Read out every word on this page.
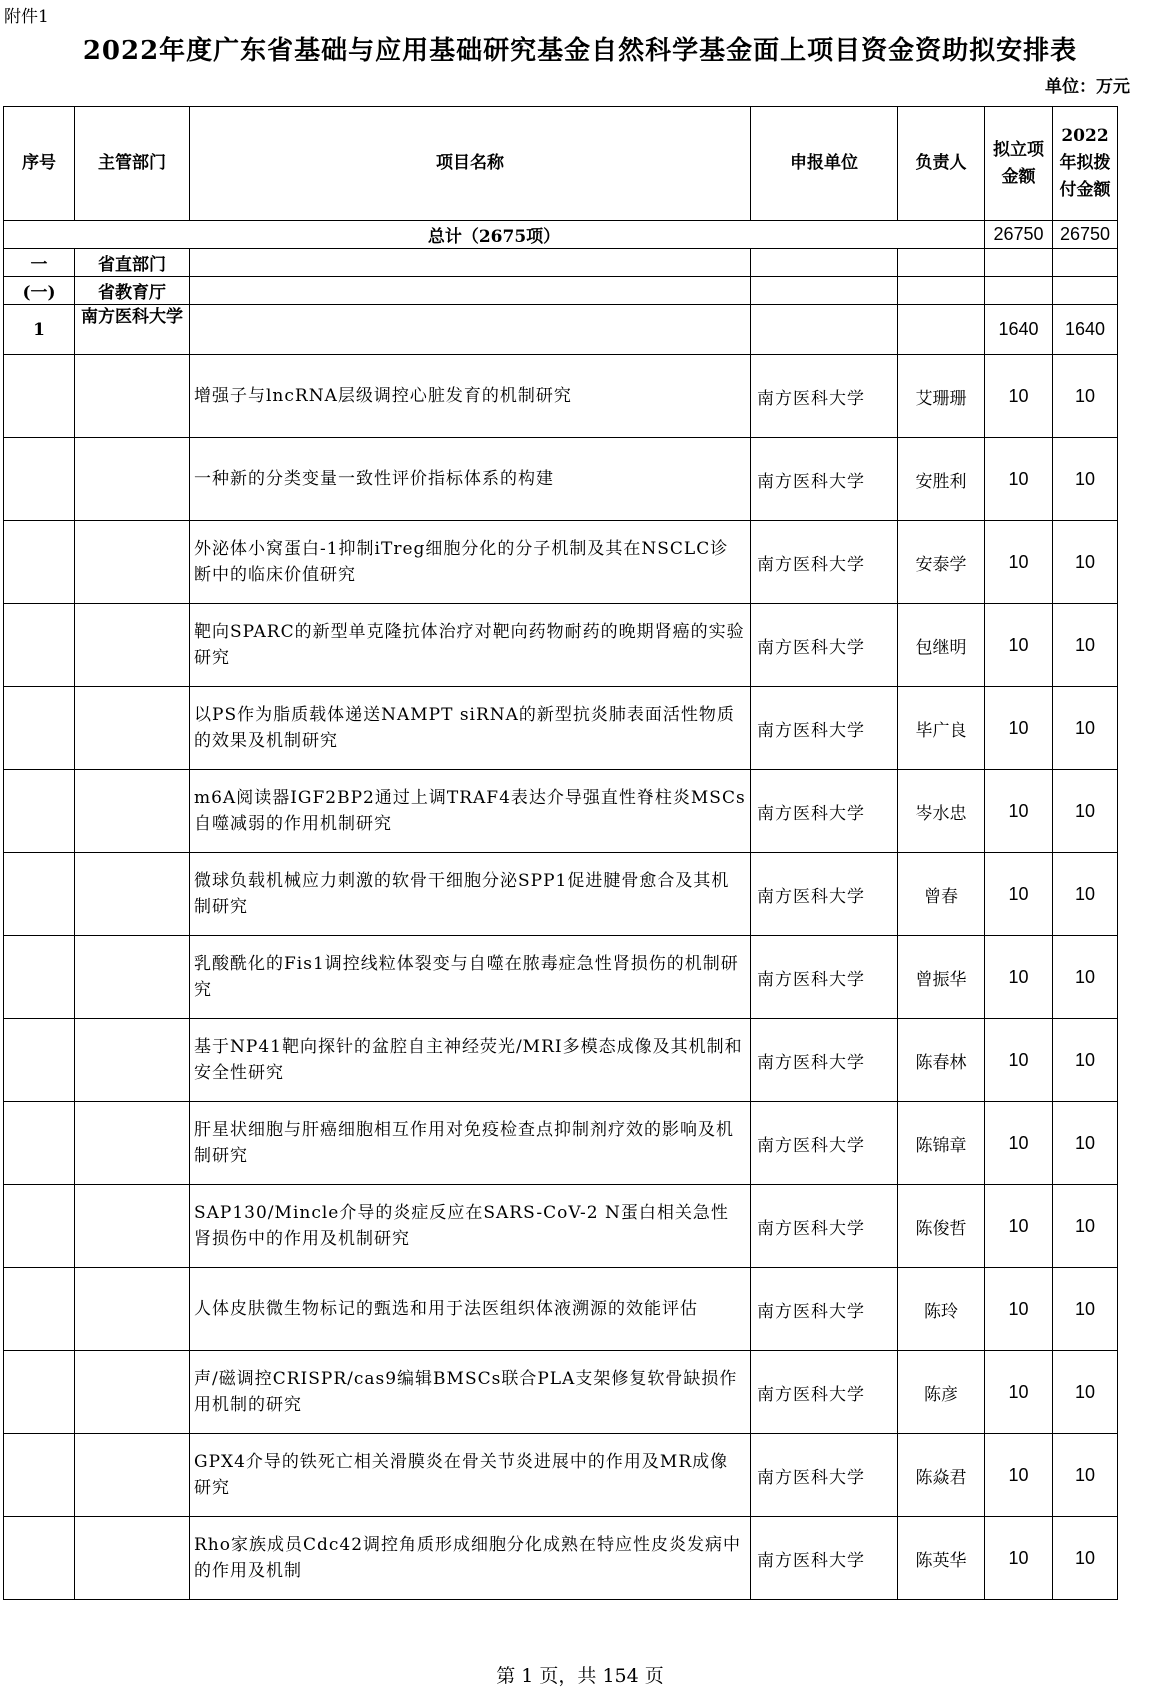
附件1
2022年度广东省基础与应用基础研究基金自然科学基金面上项目资金资助拟安排表
单位：万元
序号	主管部门	项目名称	申报单位	负责人	拟立项金额	2022年拟拨付金额
总计（2675项）					26750	26750
一	省直部门					
(一)	省教育厅					
1	南方医科大学				1640	1640
		增强子与lncRNA层级调控心脏发育的机制研究	南方医科大学	艾珊珊	10	10
		一种新的分类变量一致性评价指标体系的构建	南方医科大学	安胜利	10	10
		外泌体小窝蛋白-1抑制iTreg细胞分化的分子机制及其在NSCLC诊断中的临床价值研究	南方医科大学	安泰学	10	10
		靶向SPARC的新型单克隆抗体治疗对靶向药物耐药的晚期肾癌的实验研究	南方医科大学	包继明	10	10
		以PS作为脂质载体递送NAMPT siRNA的新型抗炎肺表面活性物质的效果及机制研究	南方医科大学	毕广良	10	10
		m6A阅读器IGF2BP2通过上调TRAF4表达介导强直性脊柱炎MSCs自噬减弱的作用机制研究	南方医科大学	岑水忠	10	10
		微球负载机械应力刺激的软骨干细胞分泌SPP1促进腱骨愈合及其机制研究	南方医科大学	曾春	10	10
		乳酸酰化的Fis1调控线粒体裂变与自噬在脓毒症急性肾损伤的机制研究	南方医科大学	曾振华	10	10
		基于NP41靶向探针的盆腔自主神经荧光/MRI多模态成像及其机制和安全性研究	南方医科大学	陈春林	10	10
		肝星状细胞与肝癌细胞相互作用对免疫检查点抑制剂疗效的影响及机制研究	南方医科大学	陈锦章	10	10
		SAP130/Mincle介导的炎症反应在SARS-CoV-2 N蛋白相关急性肾损伤中的作用及机制研究	南方医科大学	陈俊哲	10	10
		人体皮肤微生物标记的甄选和用于法医组织体液溯源的效能评估	南方医科大学	陈玲	10	10
		声/磁调控CRISPR/cas9编辑BMSCs联合PLA支架修复软骨缺损作用机制的研究	南方医科大学	陈彦	10	10
		GPX4介导的铁死亡相关滑膜炎在骨关节炎进展中的作用及MR成像研究	南方医科大学	陈焱君	10	10
		Rho家族成员Cdc42调控角质形成细胞分化成熟在特应性皮炎发病中的作用及机制	南方医科大学	陈英华	10	10
第 1 页，共 154 页
